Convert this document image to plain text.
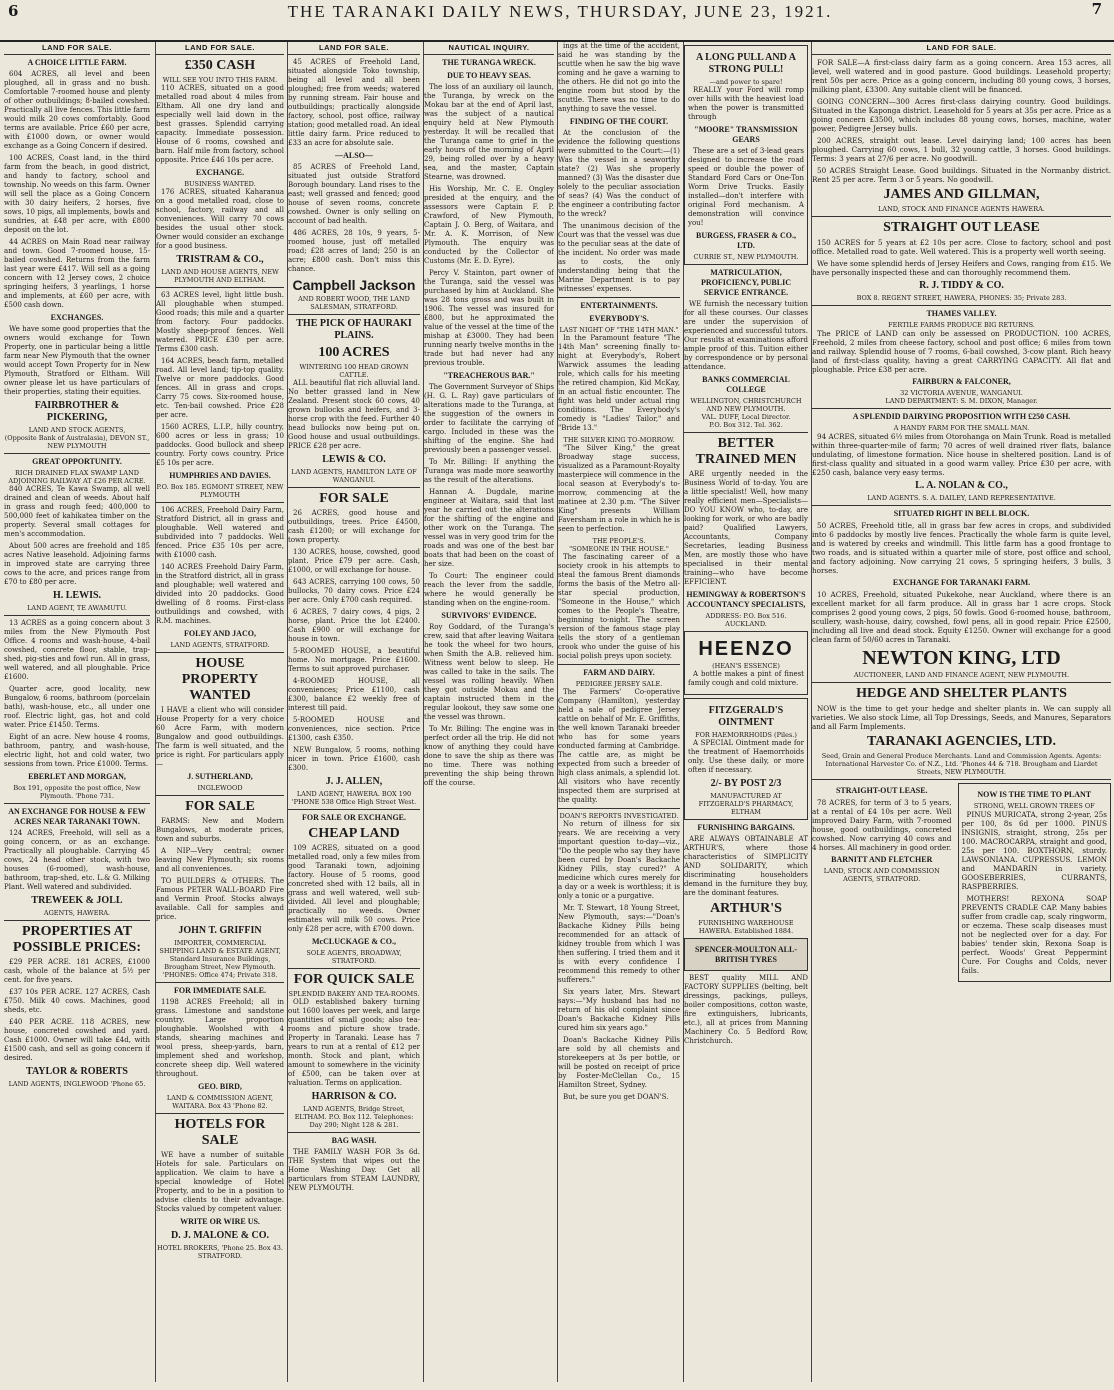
6	THE TARANAKI DAILY NEWS, THURSDAY, JUNE 23, 1921.	7
LAND FOR SALE.
A CHOICE LITTLE FARM.

604 ACRES, all level and been ploughed, all in grass and no bush. Comfortable 7-roomed house and plenty of other outbuildings; 8-bailed cowshed. Practically all live fences. This little farm would milk 20 cows comfortably. Good terms are available. Price £60 per acre, with £1000 down, or owner would exchange as a Going Concern if desired.

100 ACRES, Coast land, in the third farm from the beach, in good district, and handy to factory, school and township. No weeds on this farm. Owner will sell the place as a Going Concern with 30 dairy heifers, 2 horses, five sows, 10 pigs, all implements, bowls and sundries, at £48 per acre, with £800 deposit on the lot.

44 ACRES on Main Road near railway and town. Good 7-roomed house, 15-bailed cowshed. Returns from the farm last year were £417. Will sell as a going concern with 12 Jersey cows, 2 choice springing heifers, 3 yearlings, 1 horse and implements, at £60 per acre, with £500 cash down.

EXCHANGES.

We have some good properties that the owners would exchange for Town Property, one in particular being a little farm near New Plymouth that the owner would accept Town Property for in New Plymouth, Stratford or Eltham. Will owner please let us have particulars of their properties, stating their equities.

FAIRBROTHER & PICKERING,
LAND AND STOCK AGENTS,
(Opposite Bank of Australasia), DEVON ST., NEW PLYMOUTH
GREAT OPPORTUNITY.
RICH DRAINED FLAX SWAMP LAND ADJOINING RAILWAY AT £26 PER ACRE.

840 ACRES, Te Kawa Swamp, all well drained and clean of weeds. About half in grass and rough feed; 400,000 to 500,000 feet of kahikatea timber on the property. Several small cottages for men's accommodation.

About 500 acres are freehold and 185 acres Native leasehold. Adjoining farms in improved state are carrying three cows to the acre, and prices range from £70 to £80 per acre.

H. LEWIS.
LAND AGENT, TE AWAMUTU.

13 ACRES as a going concern about 3 miles from the New Plymouth Post Office. 4 rooms and wash-house, 4-bail cowshed, concrete floor, stable, trap-shed, pig-sties and fowl run. All in grass, well watered, and all ploughable. Price £1600.

Quarter acre, good locality, new Bungalow, 6 rooms, bathroom (porcelain bath), wash-house, etc., all under one roof. Electric light, gas, hot and cold water. Price £1450. Terms.

Eight of an acre. New house 4 rooms, bathroom, pantry, and wash-house, electric light, hot and cold water, two sessions from town. Price £1000. Terms.

EBERLET AND MORGAN,
Box 191, opposite the post office, New Plymouth. 'Phone 731.
AN EXCHANGE FOR HOUSE & FEW ACRES NEAR TARANAKI TOWN.

124 ACRES, Freehold, will sell as a going concern, or as an exchange. Practically all ploughable. Carrying 45 cows, 24 head other stock, with two houses (6-roomed), wash-house, bathroom, trap-shed, etc. L.& G. Milking Plant. Well watered and subdivided.

TREWEEK & JOLL
AGENTS, HAWERA.
PROPERTIES AT POSSIBLE PRICES:

£29 PER ACRE. 181 ACRES, £1000 cash, whole of the balance at 5½ per cent. for five years.

£37 10s PER ACRE. 127 ACRES, Cash £750. Milk 40 cows. Machines, good sheds, etc.

£40 PER ACRE. 118 ACRES, new house, concreted cowshed and yard. Cash £1000. Owner will take £4d, with £1500 cash, and sell as going concern if desired.

TAYLOR & ROBERTS
LAND AGENTS, INGLEWOOD 'Phone 65.
LAND FOR SALE.
£350 CASH
WILL SEE YOU INTO THIS FARM.

110 ACRES, situated on a good metalled road about 4 miles from Eltham. All one dry land and especially well laid down in the best grasses. Splendid carrying capacity. Immediate possession. House of 6 rooms, cowshed and barn. Half mile from factory, school opposite. Price £46 10s per acre.

EXCHANGE.
BUSINESS WANTED.

176 ACRES, situated Kaharanua on a good metalled road, close to school, factory, railway and all conveniences. Will carry 70 cows besides the usual other stock. Owner would consider an exchange for a good business.

TRISTRAM & CO.,
LAND AND HOUSE AGENTS, NEW PLYMOUTH AND ELTHAM.

63 ACRES level, light little bush. All ploughable when stumped. Good roads; this mile and a quarter from factory. Four paddocks. Mostly sheep-proof fences. Well watered. PRICE £30 per acre. Terms £300 cash.

164 ACRES, beach farm, metalled road. All level land; tip-top quality. Twelve or more paddocks. Good fences. All in grass and crops. Carry 75 cows. Six-roomed house, etc. Ten-bail cowshed. Price £28 per acre.

1560 ACRES, L.I.P., hilly country, 600 acres or less in grass; 10 paddocks. Good bullock and sheep country. Forty cows country. Price £5 10s per acre.

HUMPHRIES AND DAVIES.
P.O. Box 185. EGMONT STREET, NEW PLYMOUTH

106 ACRES, Freehold Dairy Farm, Stratford District, all in grass and ploughable. Well watered and subdivided into 7 paddocks. Well fenced. Price £35 10s per acre, with £1000 cash.

140 ACRES Freehold Dairy Farm, in the Stratford district, all in grass and ploughable; well watered and divided into 20 paddocks. Good dwelling of 8 rooms. First-class outbuildings and cowshed, with R.M. machines.

FOLEY AND JACO,
LAND AGENTS, STRATFORD.
HOUSE PROPERTY WANTED

I HAVE a client who will consider House Property for a very choice 60 Acre Farm, with modern Bungalow and good outbuildings. The farm is well situated, and the price is right. For particulars apply—

J. SUTHERLAND,
INGLEWOOD
FOR SALE

FARMS: New and Modern Bungalows, at moderate prices, town and suburbs.

A NIP—Very central; owner leaving New Plymouth; six rooms and all conveniences.

TO BUILDERS & OTHERS. The Famous PETER WALL-BOARD Fire and Vermin Proof. Stocks always available. Call for samples and price.

JOHN T. GRIFFIN
IMPORTER, COMMERCIAL SHIPPING LAND & ESTATE AGENT, Standard Insurance Buildings, Brougham Street, New Plymouth. 'PHONES: Office 474; Private 318.
FOR IMMEDIATE SALE.

1198 ACRES Freehold; all in grass. Limestone and sandstone country. Large proportion ploughable. Woolshed with 4 stands, shearing machines and wool press, sheep-yards, barn, implement shed and workshop, concrete sheep dip. Well watered throughout.

GEO. BIRD,
LAND & COMMISSION AGENT, WAITARA. Box 43 'Phone 82.
HOTELS FOR SALE

WE have a number of suitable Hotels for sale. Particulars on application. We claim to have a special knowledge of Hotel Property, and to be in a position to advise clients to their advantage. Stocks valued by competent valuer.

WRITE OR WIRE US.
D. J. MALONE & CO.
HOTEL BROKERS, 'Phone 25. Box 43. STRATFORD.
LAND FOR SALE.

45 ACRES of Freehold Land, situated alongside Toko township, being all level and all been ploughed; free from weeds; watered by running stream. Fair house and outbuildings; practically alongside factory, school, post office, railway station; good metalled road. An ideal little dairy farm. Price reduced to £33 an acre for absolute sale.

—ALSO—

85 ACRES of Freehold Land, situated just outside Stratford Borough boundary. Land rises to the east; well grassed and fenced; good house of seven rooms, concrete cowshed. Owner is only selling on account of bad health.

486 ACRES, 28 10s, 9 years, 5-roomed house, just off metalled road; £28 acres of land; 250 is an acre; £800 cash. Don't miss this chance.

Campbell Jackson
AND ROBERT WOOD, THE LAND SALESMAN, STRATFORD.
THE PICK OF HAURAKI PLAINS.
100 ACRES
WINTERING 100 HEAD GROWN CATTLE.

ALL beautiful flat rich alluvial land. No better grassed land in New Zealand. Present stock 60 cows, 40 grown bullocks and heifers, and 3-horse crop with the feed. Further 40 head bullocks now being put on. Good house and usual outbuildings. PRICE £28 per acre.

LEWIS & CO.
LAND AGENTS, HAMILTON LATE OF WANGANUI.
FOR SALE

26 ACRES, good house and outbuildings, trees. Price £4500, cash £1200; or will exchange for town property.

130 ACRES, house, cowshed, good plant. Price £79 per acre. Cash, £1000, or will exchange for house.

643 ACRES, carrying 100 cows, 50 bullocks, 70 dairy cows. Price £24 per acre. Only £700 cash required.

6 ACRES, 7 dairy cows, 4 pigs, 2 horse, plant. Price the lot £2400. Cash £900 or will exchange for house in town.

5-ROOMED HOUSE, a beautiful home. No mortgage. Price £1600. Terms to suit approved purchaser.

4-ROOMED HOUSE, all conveniences; Price £1100, cash £300, balance £2 weekly free of interest till paid.

5-ROOMED HOUSE and conveniences, nice section. Price £1300, cash £350.

NEW Bungalow, 5 rooms, nothing nicer in town. Price £1600, cash £300.

J. J. ALLEN,
LAND AGENT, HAWERA. BOX 190 'PHONE 538 Office High Street West.
FOR SALE OR EXCHANGE.
CHEAP LAND

109 ACRES, situated on a good metalled road, only a few miles from good Taranaki town, adjoining factory. House of 5 rooms, good concreted shed with 12 bails, all in grass and well watered, well sub-divided. All level and ploughable; practically no weeds. Owner estimates will milk 50 cows. Price only £28 per acre, with £700 down.

McCLUCKAGE & CO.,
SOLE AGENTS, BROADWAY, STRATFORD.
FOR QUICK SALE
SPLENDID BAKERY AND TEA-ROOMS.

OLD established bakery turning out 1600 loaves per week, and large quantities of small goods; also tea-rooms and picture show trade. Property in Taranaki. Lease has 7 years to run at a rental of £12 per month. Stock and plant, which amount to somewhere in the vicinity of £500, can be taken over at valuation. Terms on application.

HARRISON & CO.
LAND AGENTS, Bridge Street, ELTHAM. P.O. Box 112. Telephones: Day 290; Night 128 & 281.
BAG WASH.

THE FAMILY WASH FOR 3s 6d. THE System that wipes out the Home Washing Day. Get all particulars from STEAM LAUNDRY, NEW PLYMOUTH.

NAUTICAL INQUIRY.
THE TURANGA WRECK.
DUE TO HEAVY SEAS.

The loss of an auxiliary oil launch, the Turanga, by wreck on the Mokau bar at the end of April last, was the subject of a nautical enquiry held at New Plymouth yesterday. It will be recalled that the Turanga came to grief in the early hours of the morning of April 29, being rolled over by a heavy sea, and the master, Captain Stearne, was drowned.

His Worship, Mr. C. E. Ongley presided at the enquiry, and the assessors were Captain F. P. Crawford, of New Plymouth, Captain J. O. Berg, of Waitara, and Mr. A. K. Morrison, of New Plymouth. The enquiry was conducted by the Collector of Customs (Mr. E. D. Eyre).

Percy V. Stainton, part owner of the Turanga, said the vessel was purchased by him at Auckland. She was 28 tons gross and was built in 1906. The vessel was insured for £800, but he approximated the value of the vessel at the time of the mishap at £3000. They had been running nearly twelve months in the trade but had never had any previous trouble.

"TREACHEROUS BAR."

The Government Surveyor of Ships (H. G. L. Ray) gave particulars of alterations made to the Turanga, at the suggestion of the owners in order to facilitate the carrying of cargo. Included in these was the shifting of the engine. She had previously been a passenger vessel.

To Mr. Billing: If anything the Turanga was made more seaworthy as the result of the alterations.

Hannan A. Dugdale, marine engineer at Waitara, said that last year he carried out the alterations for the shifting of the engine and other work on the Turanga. The vessel was in very good trim for the roads and was one of the best bar boats that had been on the coast of her size.

To Court: The engineer could reach the lever from the saddle, where he would generally be standing when on the engine-room.

SURVIVORS' EVIDENCE.

Roy Goddard, of the Turanga's crew, said that after leaving Waitara he took the wheel for two hours, when Smith the A.B. relieved him. Witness went below to sleep. He was called to take in the sails. The vessel was rolling heavily. When they got outside Mokau and the captain instructed them in the regular lookout, they saw some one the vessel was thrown.

To Mr. Billing: The engine was in perfect order all the trip. He did not know of anything they could have done to save the ship as there was no time. There was nothing preventing the ship being thrown off the course.

ings at the time of the accident, said he was standing by the scuttle when he saw the big wave coming and he gave a warning to the others. He did not go into the engine room but stood by the scuttle. There was no time to do anything to save the vessel.

FINDING OF THE COURT.

At the conclusion of the evidence the following questions were submitted to the Court:—(1) Was the vessel in a seaworthy state? (2) Was she properly manned? (3) Was the disaster due solely to the peculiar association of seas? (4) Was the conduct of the engineer a contributing factor to the wreck?

The unanimous decision of the Court was that the vessel was due to the peculiar seas at the date of the incident. No order was made as to costs, the only understanding being that the Marine Department is to pay witnesses' expenses.

ENTERTAINMENTS.
EVERYBODY'S.
LAST NIGHT OF "THE 14TH MAN."

In the Paramount feature "The 14th Man" screening finally to-night at Everybody's, Robert Warwick assumes the leading role, which calls for his meeting the retired champion, Kid McKay, in an actual fistic encounter. The fight was held under actual ring conditions. The Everybody's comedy is "Ladies' Tailor," and "Bride 13."

THE SILVER KING TO-MORROW.

"The Silver King," the great Broadway stage success, visualized as a Paramount-Royalty masterpiece will commence in the local season at Everybody's to-morrow, commencing at the matinee at 2.30 p.m. "The Silver King" presents William Faversham in a role in which he is seen to perfection.

THE PEOPLE'S.
"SOMEONE IN THE HOUSE."

The fascinating career of a society crook in his attempts to steal the famous Brent diamonds forms the basis of the Metro all-star special production, "Someone in the House," which comes to the People's Theatre, beginning to-night. The screen version of the famous stage play tells the story of a gentleman crook who under the guise of his social polish preys upon society.

FARM AND DAIRY.
PEDIGREE JERSEY SALE.

The Farmers' Co-operative Company (Hamilton), yesterday held a sale of pedigree Jersey cattle on behalf of Mr. E. Griffiths, the well known Taranaki breeder who has for some years conducted farming at Cambridge. The cattle are, as might be expected from such a breeder of high class animals, a splendid lot. All visitors who have recently inspected them are surprised at the quality.

DOAN'S REPORTS INVESTIGATED.

No return of illness for six years. We are receiving a very important question to-day—viz., "Do the people who say they have been cured by Doan's Backache Kidney Pills, stay cured?" A medicine which cures merely for a day or a week is worthless; it is only a tonic or a purgative.

Mr. T. Stewart, 18 Young Street, New Plymouth, says:—"Doan's Backache Kidney Pills being recommended for an attack of kidney trouble from which I was then suffering. I tried them and it is with every confidence I recommend this remedy to other sufferers."

Six years later, Mrs. Stewart says:—"My husband has had no return of his old complaint since Doan's Backache Kidney Pills cured him six years ago."

Doan's Backache Kidney Pills are sold by all chemists and storekeepers at 3s per bottle, or will be posted on receipt of price by Foster-McClellan Co., 15 Hamilton Street, Sydney.

But, be sure you get DOAN'S.

A LONG PULL AND A STRONG PULL!
—and power to spare!

REALLY your Ford will romp over hills with the heaviest load when the power is transmitted through

"MOORE" TRANSMISSION GEARS

These are a set of 3-lead gears designed to increase the road speed or double the power of Standard Ford Cars or One-Ton Worm Drive Trucks. Easily installed—don't interfere with original Ford mechanism. A demonstration will convince you!

BURGESS, FRASER & CO., LTD.
CURRIE ST., NEW PLYMOUTH.
MATRICULATION, PROFICIENCY, PUBLIC SERVICE ENTRANCE.

WE furnish the necessary tuition for all these courses. Our classes are under the supervision of experienced and successful tutors. Our results at examinations afford ample proof of this. Tuition either by correspondence or by personal attendance.

BANKS COMMERCIAL COLLEGE
WELLINGTON, CHRISTCHURCH AND NEW PLYMOUTH.
VAL. DUFF, Local Director.
P.O. Box 312. Tel. 362.
BETTER TRAINED MEN

ARE urgently needed in the Business World of to-day. You are a little specialist! Well, how many really efficient men—Specialists—DO YOU KNOW who, to-day, are looking for work, or who are badly paid? Qualified Lawyers, Accountants, Company Secretaries, leading Business Men, are mostly those who have specialised in their mental training—who have become EFFICIENT.

HEMINGWAY & ROBERTSON'S ACCOUNTANCY SPECIALISTS,
ADDRESS: P.O. Box 516. AUCKLAND.
HEENZO
(HEAN'S ESSENCE)

A bottle makes a pint of finest family cough and cold mixture.

FITZGERALD'S OINTMENT
FOR HAEMORRHOIDS (Piles.)

A SPECIAL Ointment made for the treatment of Haemorrhoids only. Use these daily, or more often if necessary.

2/- BY POST 2/3
MANUFACTURED AT FITZGERALD'S PHARMACY, ELTHAM
FURNISHING BARGAINS.

ARE ALWAYS OBTAINABLE AT ARTHUR'S, where those characteristics of SIMPLICITY AND SOLIDARITY, which discriminating householders demand in the furniture they buy, are the dominant features.

ARTHUR'S
FURNISHING WAREHOUSE HAWERA. Established 1884.
SPENCER-MOULTON ALL-BRITISH TYRES

BEST quality MILL AND FACTORY SUPPLIES (belting, belt dressings, packings, pulleys, boiler compositions, cotton waste, fire extinguishers, lubricants, etc.), all at prices from Manning Machinery Co. 5 Bedford Row, Christchurch.

LAND FOR SALE.

FOR SALE—A first-class dairy farm as a going concern. Area 153 acres, all level, well watered and in good pasture. Good buildings. Leasehold property; rent 50s per acre. Price as a going concern, including 80 young cows, 3 horses, milking plant, £3300. Any suitable client will be financed.

GOING CONCERN—300 Acres first-class dairying country. Good buildings. Situated in the Kaponga district. Leasehold for 5 years at 35s per acre. Price as a going concern £3500, which includes 88 young cows, horses, machine, water power, Pedigree Jersey bulls.

200 ACRES, straight out lease. Level dairying land; 100 acres has been ploughed. Carrying 60 cows, 1 bull, 32 young cattle, 3 horses. Good buildings. Terms: 3 years at 27/6 per acre. No goodwill.

50 ACRES Straight Lease. Good buildings. Situated in the Normanby district. Rent 25 per acre. Term 3 or 5 years. No goodwill.

JAMES AND GILLMAN,
LAND, STOCK AND FINANCE AGENTS HAWERA.
STRAIGHT OUT LEASE

150 ACRES for 5 years at £2 10s per acre. Close to factory, school and post office. Metalled road to gate. Well watered. This is a property well worth seeing.

We have some splendid herds of Jersey Heifers and Cows, ranging from £15. We have personally inspected these and can thoroughly recommend them.

R. J. TIDDY & CO.
BOX 8. REGENT STREET, HAWERA, PHONES: 35; Private 283.
THAMES VALLEY.
FERTILE FARMS PRODUCE BIG RETURNS.

The PRICE of LAND can only be assessed on PRODUCTION. 100 ACRES, Freehold, 2 miles from cheese factory, school and post office; 6 miles from town and railway. Splendid house of 7 rooms, 6-bail cowshed, 3-cow plant. Rich heavy land of first-class quality, having a great CARRYING CAPACITY. All flat and ploughable. Price £38 per acre.

FAIRBURN & FALCONER,
32 VICTORIA AVENUE, WANGANUI.
LAND DEPARTMENT: S. M. DIXON, Manager.
A SPLENDID DAIRYING PROPOSITION WITH £250 CASH.
A HANDY FARM FOR THE SMALL MAN.

94 ACRES, situated 6½ miles from Otorohanga on Main Trunk. Road is metalled within three-quarter-mile of farm; 70 acres of well drained river flats, balance undulating, of limestone formation. Nice house in sheltered position. Land is of first-class quality and situated in a good warm valley. Price £30 per acre, with £250 cash, balance very easy terms.

L. A. NOLAN & CO.,
LAND AGENTS. S. A. DAILEY, LAND REPRESENTATIVE.
SITUATED RIGHT IN BELL BLOCK.

50 ACRES, Freehold title, all in grass bar few acres in crops, and subdivided into 6 paddocks by mostly live fences. Practically the whole farm is quite level, and is watered by creeks and windmill. This little farm has a good frontage to two roads, and is situated within a quarter mile of store, post office and school, and factory adjoining. Now carrying 21 cows, 5 springing heifers, 3 bulls, 3 horses.

EXCHANGE FOR TARANAKI FARM.

10 ACRES, Freehold, situated Pukekohe, near Auckland, where there is an excellent market for all farm produce. All in grass bar 1 acre crops. Stock comprises 2 good young cows, 2 pigs, 50 fowls. Good 6-roomed house, bathroom, scullery, wash-house, dairy, cowshed, fowl pens, all in good repair. Price £2500, including all live and dead stock. Equity £1250. Owner will exchange for a good clean farm of 50/60 acres in Taranaki.

NEWTON KING, LTD
AUCTIONEER, LAND AND FINANCE AGENT, NEW PLYMOUTH.
HEDGE AND SHELTER PLANTS

NOW is the time to get your hedge and shelter plants in. We can supply all varieties. We also stock Lime, all Top Dressings, Seeds, and Manures, Separators and all Farm Implements.

TARANAKI AGENCIES, LTD.
Seed, Grain and General Produce Merchants. Land and Commission Agents. Agents: International Harvester Co. of N.Z., Ltd. 'Phones 44 & 718. Brougham and Liardet Streets, NEW PLYMOUTH.
STRAIGHT-OUT LEASE.

78 ACRES, for term of 3 to 5 years, at a rental of £4 10s per acre. Well improved Dairy Farm, with 7-roomed house, good outbuildings, concreted cowshed. Now carrying 40 cows and 4 horses. All machinery in good order.

BARNITT AND FLETCHER
LAND, STOCK AND COMMISSION AGENTS, STRATFORD.
NOW IS THE TIME TO PLANT
STRONG, WELL GROWN TREES OF

PINUS MURICATA, strong 2-year, 25s per 100, 8s 6d per 1000. PINUS INSIGNIS, straight, strong, 25s per 100. MACROCARPA, straight and good, 25s per 100. BOXTHORN, sturdy. LAWSONIANA. CUPRESSUS. LEMON and MANDARIN in variety. GOOSEBERRIES, CURRANTS, RASPBERRIES.

MOTHERS! REXONA SOAP PREVENTS CRADLE CAP. Many babies suffer from cradle cap, scaly ringworm, or eczema. These scalp diseases must not be neglected over for a day. For babies' tender skin, Rexona Soap is perfect. Woods' Great Peppermint Cure. For Coughs and Colds, never fails.
